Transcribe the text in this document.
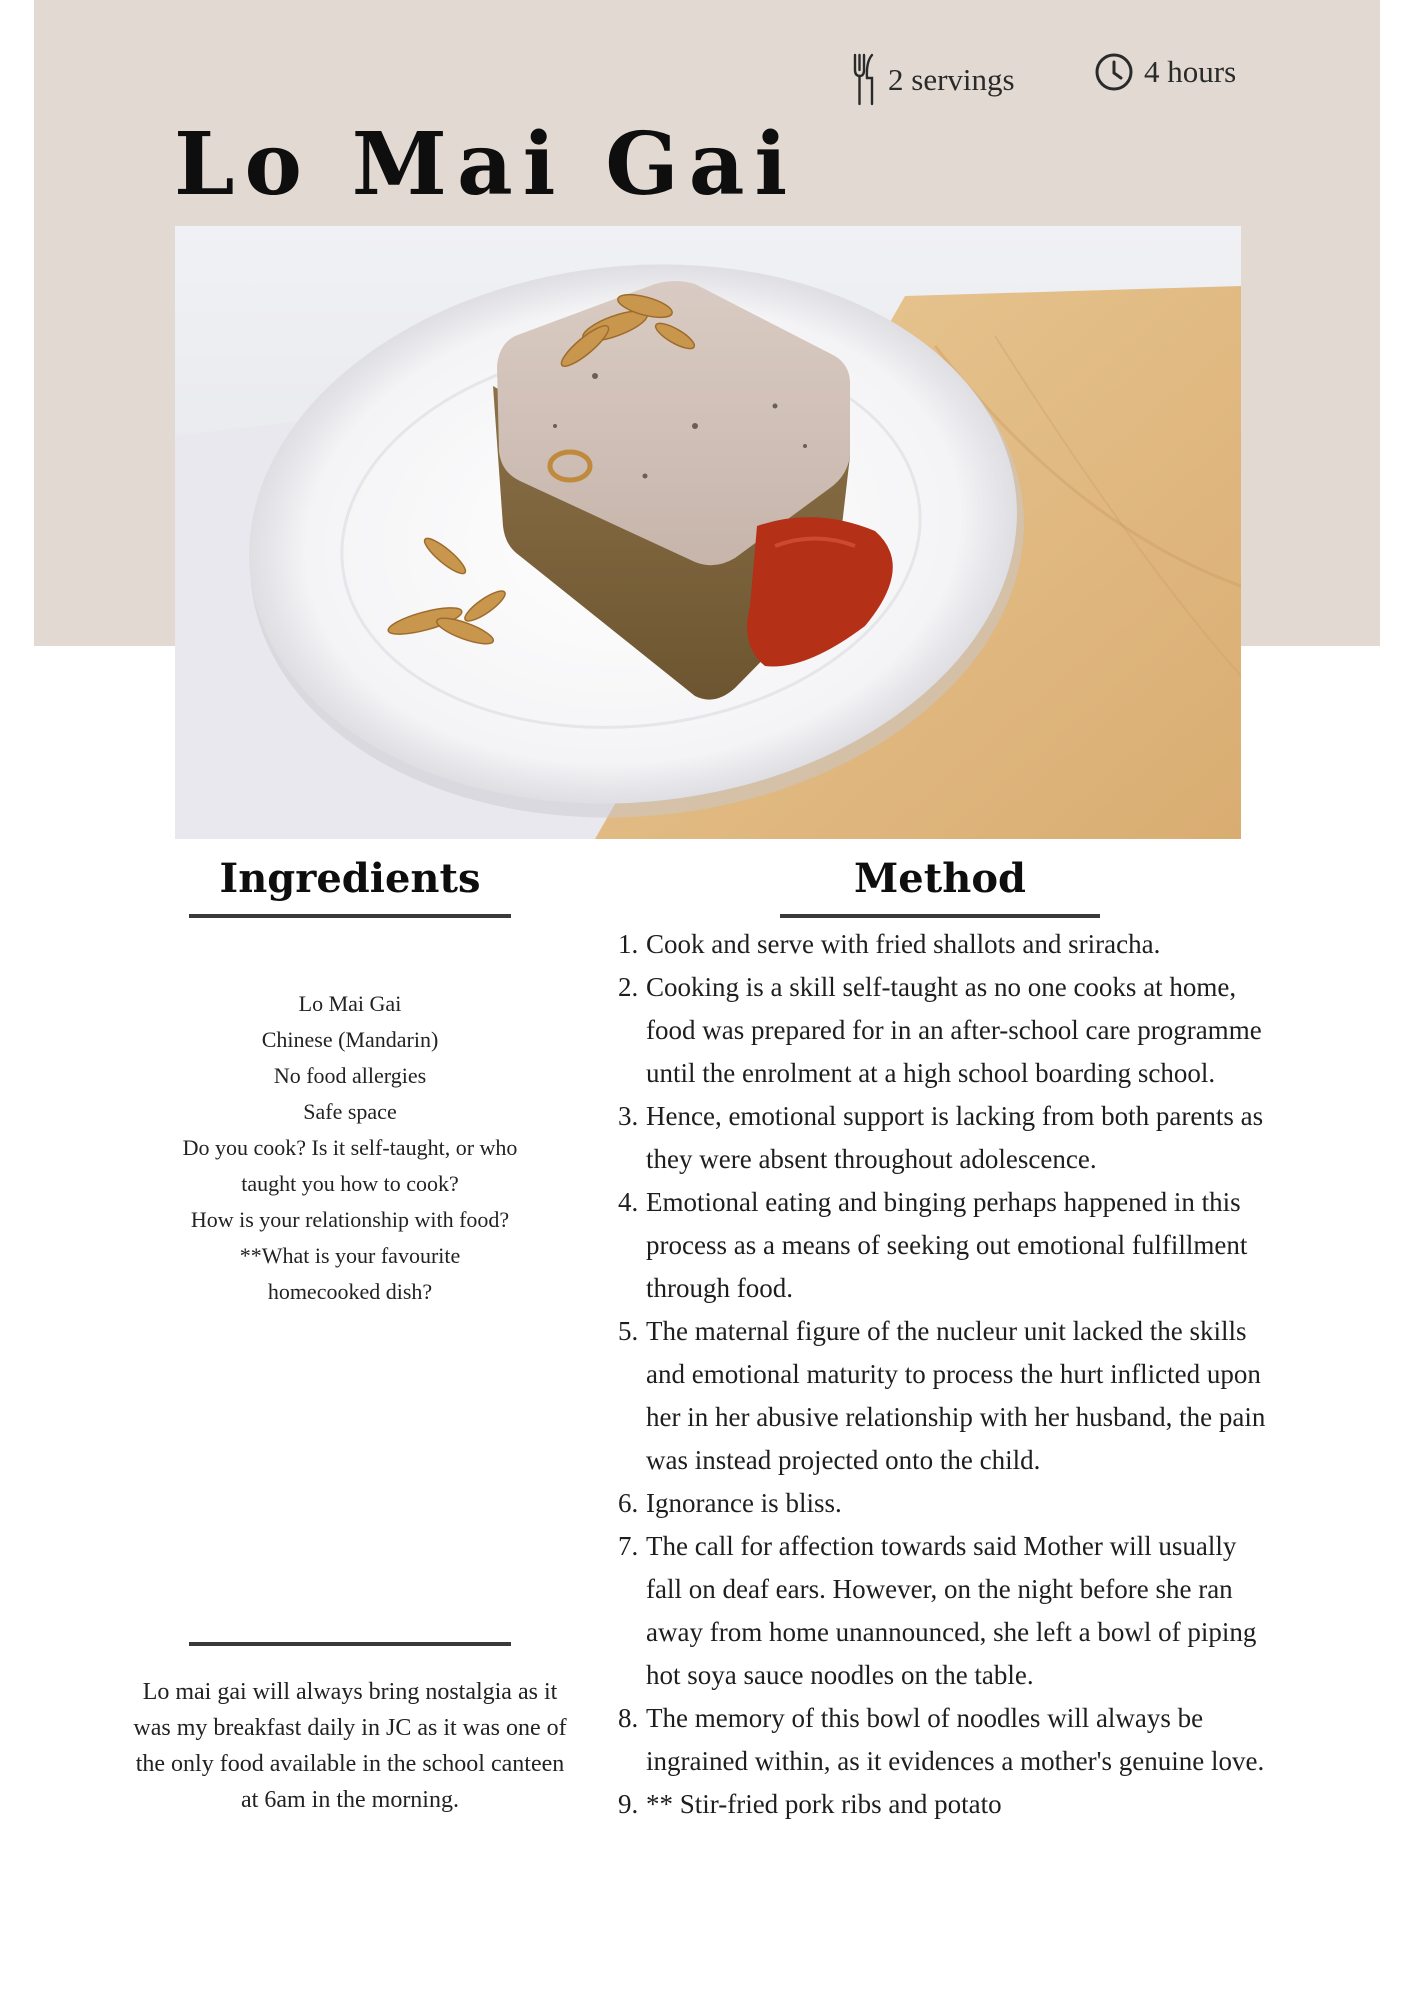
2 servings	4 hours
Lo Mai Gai
Ingredients	Method
Lo Mai Gai
Chinese (Mandarin)
No food allergies
Safe space
Do you cook? Is it self-taught, or who taught you how to cook?
How is your relationship with food?
**What is your favourite homecooked dish?
Lo mai gai will always bring nostalgia as it was my breakfast daily in JC as it was one of the only food available in the school canteen at 6am in the morning.
1. Cook and serve with fried shallots and sriracha.
2. Cooking is a skill self-taught as no one cooks at home, food was prepared for in an after-school care programme until the enrolment at a high school boarding school.
3. Hence, emotional support is lacking from both parents as they were absent throughout adolescence.
4. Emotional eating and binging perhaps happened in this process as a means of seeking out emotional fulfillment through food.
5. The maternal figure of the nucleur unit lacked the skills and emotional maturity to process the hurt inflicted upon her in her abusive relationship with her husband, the pain was instead projected onto the child.
6. Ignorance is bliss.
7. The call for affection towards said Mother will usually fall on deaf ears. However, on the night before she ran away from home unannounced, she left a bowl of piping hot soya sauce noodles on the table.
8. The memory of this bowl of noodles will always be ingrained within, as it evidences a mother's genuine love.
9. ** Stir-fried pork ribs and potato
